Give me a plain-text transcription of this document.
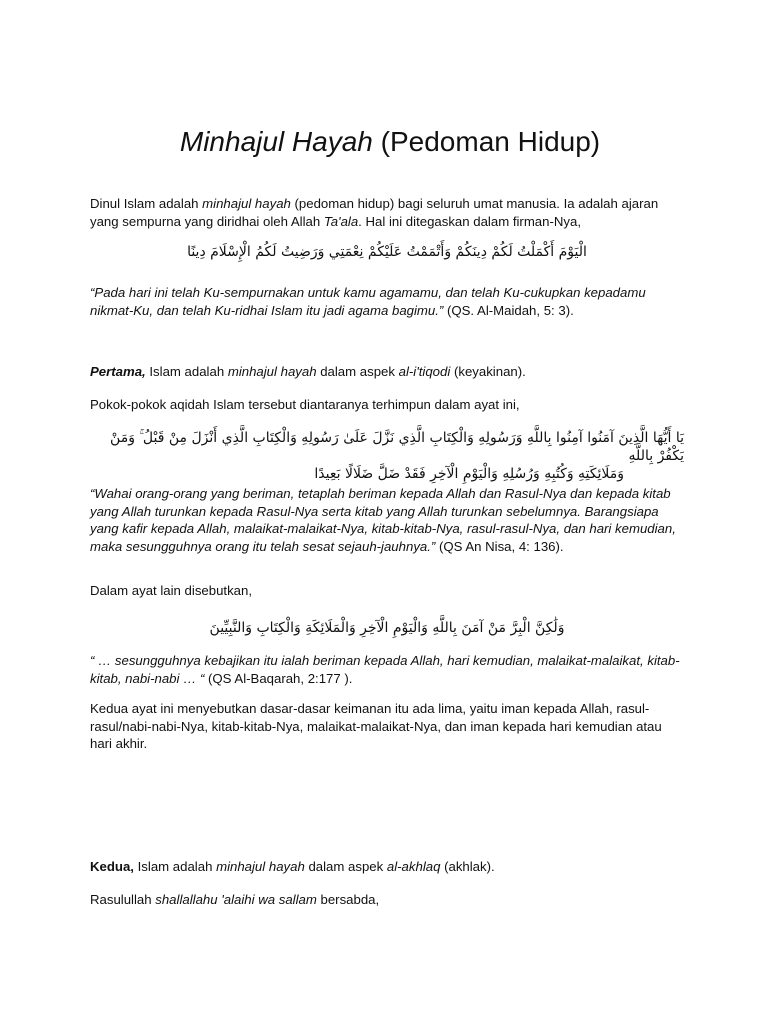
Minhajul Hayah (Pedoman Hidup)

Dinul Islam adalah minhajul hayah (pedoman hidup) bagi seluruh umat manusia. Ia adalah ajaran yang sempurna yang diridhai oleh Allah Ta'ala. Hal ini ditegaskan dalam firman-Nya,

الْيَوْمَ أَكْمَلْتُ لَكُمْ دِينَكُمْ وَأَتْمَمْتُ عَلَيْكُمْ نِعْمَتِي وَرَضِيتُ لَكُمُ الْإِسْلَامَ دِينًا

“Pada hari ini telah Ku-sempurnakan untuk kamu agamamu, dan telah Ku-cukupkan kepadamu nikmat-Ku, dan telah Ku-ridhai Islam itu jadi agama bagimu.” (QS. Al-Maidah, 5: 3).

Pertama, Islam adalah minhajul hayah dalam aspek al-i'tiqodi (keyakinan).

Pokok-pokok aqidah Islam tersebut diantaranya terhimpun dalam ayat ini,

يَا أَيُّهَا الَّذِينَ آمَنُوا آمِنُوا بِاللَّهِ وَرَسُولِهِ وَالْكِتَابِ الَّذِي نَزَّلَ عَلَىٰ رَسُولِهِ وَالْكِتَابِ الَّذِي أَنْزَلَ مِنْ قَبْلُ ۚ وَمَنْ يَكْفُرْ بِاللَّهِ
وَمَلَائِكَتِهِ وَكُتُبِهِ وَرُسُلِهِ وَالْيَوْمِ الْآخِرِ فَقَدْ ضَلَّ ضَلَالًا بَعِيدًا

“Wahai orang-orang yang beriman, tetaplah beriman kepada Allah dan Rasul-Nya dan kepada kitab yang Allah turunkan kepada Rasul-Nya serta kitab yang Allah turunkan sebelumnya. Barangsiapa yang kafir kepada Allah, malaikat-malaikat-Nya, kitab-kitab-Nya, rasul-rasul-Nya, dan hari kemudian, maka sesungguhnya orang itu telah sesat sejauh-jauhnya.” (QS An Nisa, 4: 136).

Dalam ayat lain disebutkan,

وَلَٰكِنَّ الْبِرَّ مَنْ آمَنَ بِاللَّهِ وَالْيَوْمِ الْآخِرِ وَالْمَلَائِكَةِ وَالْكِتَابِ وَالنَّبِيِّينَ

“ … sesungguhnya kebajikan itu ialah beriman kepada Allah, hari kemudian, malaikat-malaikat, kitab-kitab, nabi-nabi … “ (QS Al-Baqarah, 2:177 ).

Kedua ayat ini menyebutkan dasar-dasar keimanan itu ada lima, yaitu iman kepada Allah, rasul-rasul/nabi-nabi-Nya, kitab-kitab-Nya, malaikat-malaikat-Nya, dan iman kepada hari kemudian atau hari akhir.

Kedua, Islam adalah minhajul hayah dalam aspek al-akhlaq (akhlak).

Rasulullah shallallahu 'alaihi wa sallam bersabda,
